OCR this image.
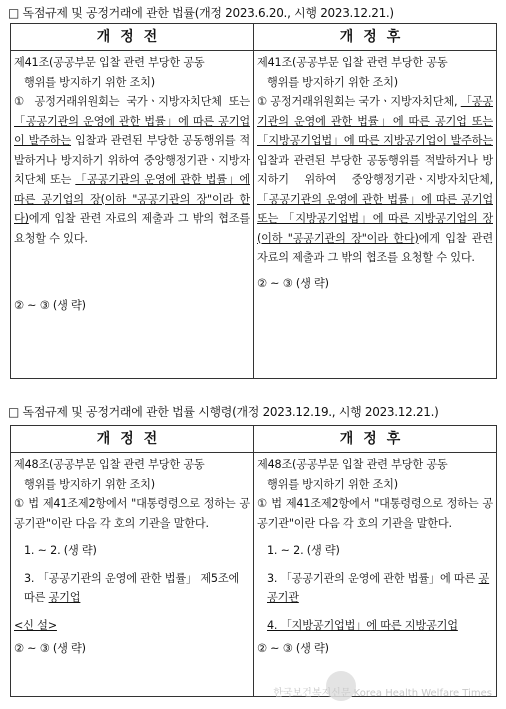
□ 독점규제 및 공정거래에 관한 법률(개정 2023.6.20., 시행 2023.12.21.)
개정전	개정후

제41조(공공부문 입찰 관련 부당한 공동

행위를 방지하기 위한 조치)

① 공정거래위원회는 국가ㆍ지방자치단체 또는 「공공기관의 운영에 관한 법률」에 따른 공기업이 발주하는 입찰과 관련된 부당한 공동행위를 적발하거나 방지하기 위하여 중앙행정기관ㆍ지방자치단체 또는 「공공기관의 운영에 관한 법률」에 따른 공기업의 장(이하 "공공기관의 장"이라 한다)에게 입찰 관련 자료의 제출과 그 밖의 협조를 요청할 수 있다.

② ~ ③ (생 략)

제41조(공공부문 입찰 관련 부당한 공동

행위를 방지하기 위한 조치)

① 공정거래위원회는 국가ㆍ지방자치단체, 「공공기관의 운영에 관한 법률」에 따른 공기업 또는 「지방공기업법」에 따른 지방공기업이 발주하는 입찰과 관련된 부당한 공동행위를 적발하거나 방지하기 위하여 중앙행정기관ㆍ지방자치단체, 「공공기관의 운영에 관한 법률」에 따른 공기업 또는 「지방공기업법」에 따른 지방공기업의 장(이하 "공공기관의 장"이라 한다)에게 입찰 관련 자료의 제출과 그 밖의 협조를 요청할 수 있다.

② ~ ③ (생 략)

□ 독점규제 및 공정거래에 관한 법률 시행령(개정 2023.12.19., 시행 2023.12.21.)
개정전	개정후

제48조(공공부문 입찰 관련 부당한 공동

행위를 방지하기 위한 조치)

① 법 제41조제2항에서 "대통령령으로 정하는 공공기관"이란 다음 각 호의 기관을 말한다.

1. ~ 2. (생 략)

3. 「공공기관의 운영에 관한 법률」 제5조에 따른 공기업

<신 설>

② ~ ③ (생 략)

제48조(공공부문 입찰 관련 부당한 공동

행위를 방지하기 위한 조치)

① 법 제41조제2항에서 "대통령령으로 정하는 공공기관"이란 다음 각 호의 기관을 말한다.

1. ~ 2. (생 략)

3. 「공공기관의 운영에 관한 법률」에 따른 공공기관

4. 「지방공기업법」에 따른 지방공기업

② ~ ③ (생 략)

한국보건복지신문 Korea Health Welfare Times
